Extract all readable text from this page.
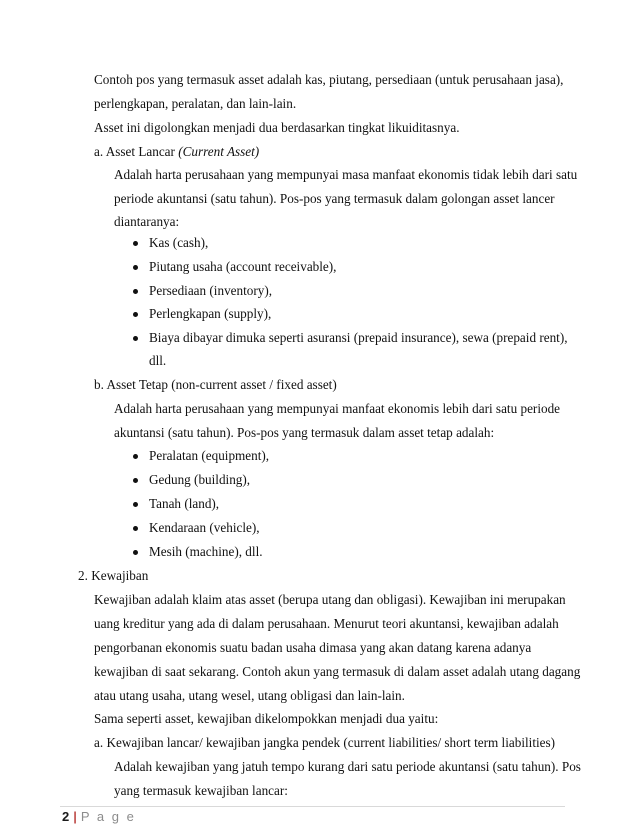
Contoh pos yang termasuk asset adalah kas, piutang, persediaan (untuk perusahaan jasa),
perlengkapan, peralatan, dan lain-lain.
Asset ini digolongkan menjadi dua berdasarkan tingkat likuiditasnya.
a. Asset Lancar (Current Asset)
Adalah harta perusahaan yang mempunyai masa manfaat ekonomis tidak lebih dari satu
periode akuntansi (satu tahun). Pos-pos yang termasuk dalam golongan asset lancer
diantaranya:
Kas (cash),
Piutang usaha (account receivable),
Persediaan (inventory),
Perlengkapan (supply),
Biaya dibayar dimuka seperti asuransi (prepaid insurance), sewa (prepaid rent),
dll.
b. Asset Tetap (non-current asset / fixed asset)
Adalah harta perusahaan yang mempunyai manfaat ekonomis lebih dari satu periode
akuntansi (satu tahun). Pos-pos yang termasuk dalam asset tetap adalah:
Peralatan (equipment),
Gedung (building),
Tanah (land),
Kendaraan (vehicle),
Mesih (machine), dll.
2. Kewajiban
Kewajiban adalah klaim atas asset (berupa utang dan obligasi). Kewajiban ini merupakan
uang kreditur yang ada di dalam perusahaan. Menurut teori akuntansi, kewajiban adalah
pengorbanan ekonomis suatu badan usaha dimasa yang akan datang karena adanya
kewajiban di saat sekarang. Contoh akun yang termasuk di dalam asset adalah utang dagang
atau utang usaha, utang wesel, utang obligasi dan lain-lain.
Sama seperti asset, kewajiban dikelompokkan menjadi dua yaitu:
a. Kewajiban lancar/ kewajiban jangka pendek (current liabilities/ short term liabilities)
Adalah kewajiban yang jatuh tempo kurang dari satu periode akuntansi (satu tahun). Pos
yang termasuk kewajiban lancar:
2 | P a g e
